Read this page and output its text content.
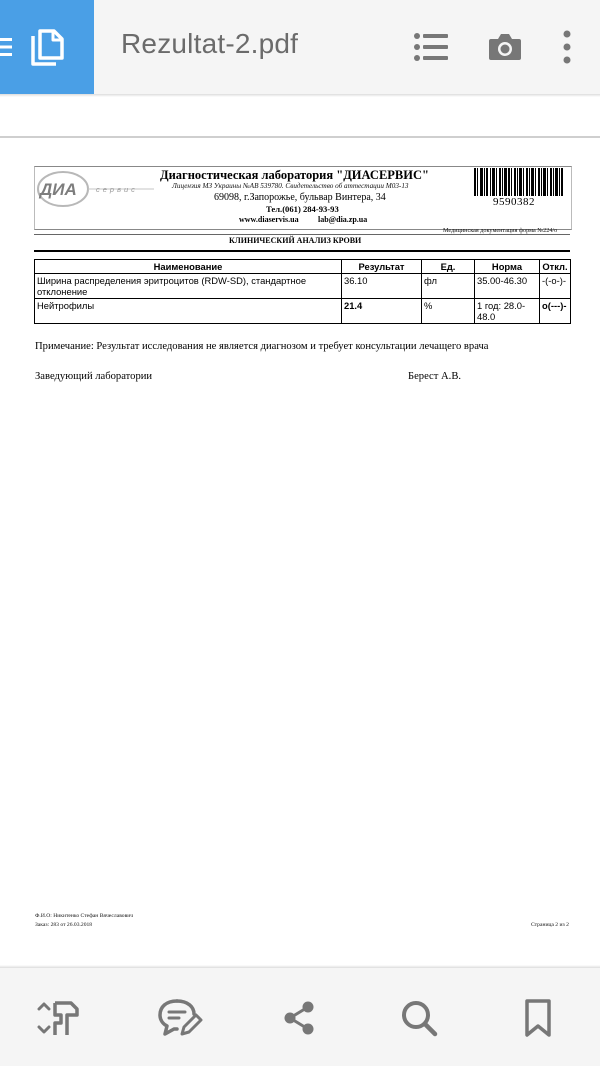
Rezultat-2.pdf
ДИА	сервис
Диагностическая лаборатория "ДИАСЕРВИС"
Лицензия МЗ Украины №АВ 539780. Свидетельство об аттестации М03-13
69098, г.Запорожье, бульвар Винтера, 34
Тел.(061) 284-93-93
www.diaservis.ua lab@dia.zp.ua
9590382
Медицинская документация форма №224/о
КЛИНИЧЕСКИЙ АНАЛИЗ КРОВИ
Наименование	Результат	Ед.	Норма	Откл.
Ширина распределения эритроцитов (RDW-SD), стандартное отклонение	36.10	фл	35.00-46.30	-(-o-)-
Нейтрофилы	21.4	%	1 год: 28.0-48.0	o(---)-
Примечание: Результат исследования не является диагнозом и требует консультации лечащего врача
Заведующий лаборатории	Берест А.В.
Ф.И.О: Никитенко Стефан Вячеславович
Заказ: 283 от 26.03.2018	Страница 2 из 2
